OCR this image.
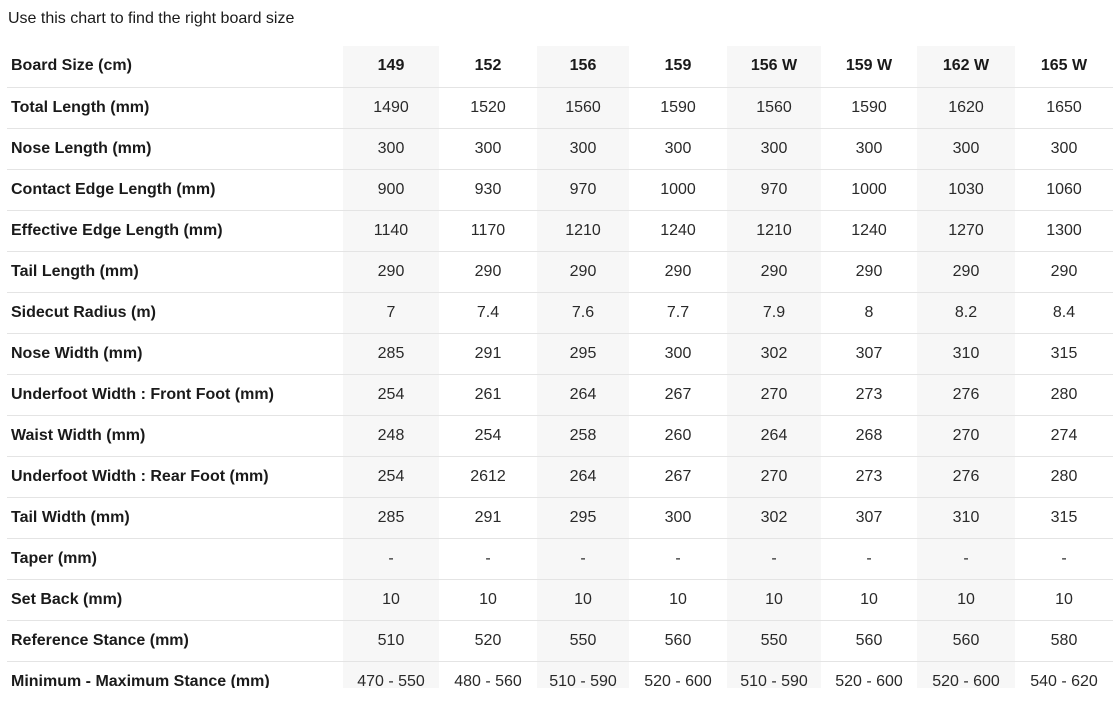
Use this chart to find the right board size
Board Size (cm)	149	152	156	159	156 W	159 W	162 W	165 W
Total Length (mm)	1490	1520	1560	1590	1560	1590	1620	1650
Nose Length (mm)	300	300	300	300	300	300	300	300
Contact Edge Length (mm)	900	930	970	1000	970	1000	1030	1060
Effective Edge Length (mm)	1140	1170	1210	1240	1210	1240	1270	1300
Tail Length (mm)	290	290	290	290	290	290	290	290
Sidecut Radius (m)	7	7.4	7.6	7.7	7.9	8	8.2	8.4
Nose Width (mm)	285	291	295	300	302	307	310	315
Underfoot Width : Front Foot (mm)	254	261	264	267	270	273	276	280
Waist Width (mm)	248	254	258	260	264	268	270	274
Underfoot Width : Rear Foot (mm)	254	2612	264	267	270	273	276	280
Tail Width (mm)	285	291	295	300	302	307	310	315
Taper (mm)	-	-	-	-	-	-	-	-
Set Back (mm)	10	10	10	10	10	10	10	10
Reference Stance (mm)	510	520	550	560	550	560	560	580
Minimum - Maximum Stance (mm)	470 - 550	480 - 560	510 - 590	520 - 600	510 - 590	520 - 600	520 - 600	540 - 620
